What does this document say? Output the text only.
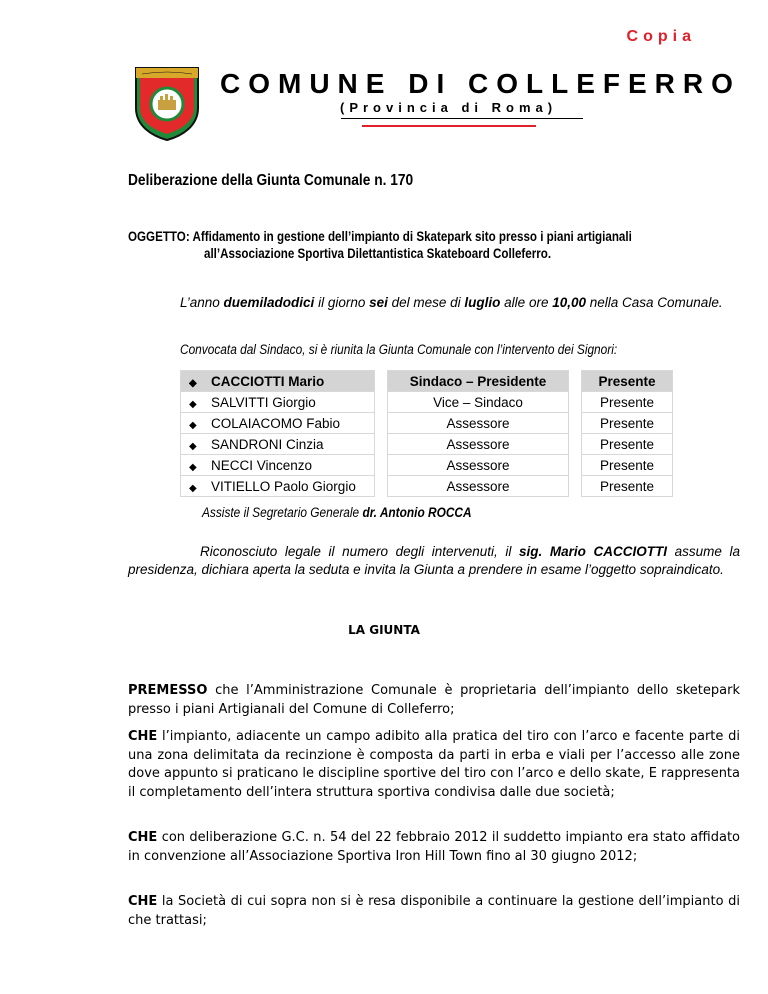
Copia
COMUNE DI COLLEFERRO
(Provincia di Roma)
Deliberazione della Giunta Comunale n. 170
OGGETTO: Affidamento in gestione dell’impianto di Skatepark sito presso i piani artigianali
all’Associazione Sportiva Dilettantistica Skateboard Colleferro.
L’anno duemiladodici il giorno sei del mese di luglio alle ore 10,00 nella Casa Comunale.
Convocata dal Sindaco, si è riunita la Giunta Comunale con l’intervento dei Signori:
◆ CACCIOTTI Mario		Sindaco – Presidente		Presente
◆ SALVITTI Giorgio		Vice – Sindaco		Presente
◆ COLAIACOMO Fabio		Assessore		Presente
◆ SANDRONI Cinzia		Assessore		Presente
◆ NECCI Vincenzo		Assessore		Presente
◆ VITIELLO Paolo Giorgio		Assessore		Presente
Assiste il Segretario Generale dr. Antonio ROCCA
Riconosciuto legale il numero degli intervenuti, il sig. Mario CACCIOTTI assume la presidenza, dichiara aperta la seduta e invita la Giunta a prendere in esame l’oggetto sopraindicato.
LA GIUNTA
PREMESSO che l’Amministrazione Comunale è proprietaria dell’impianto dello sketepark presso i piani Artigianali del Comune di Colleferro;
CHE l’impianto, adiacente un campo adibito alla pratica del tiro con l’arco e facente parte di una zona delimitata da recinzione è composta da parti in erba e viali per l’accesso alle zone dove appunto si praticano le discipline sportive del tiro con l’arco e dello skate, E rappresenta il completamento dell’intera struttura sportiva condivisa dalle due società;
CHE con deliberazione G.C. n. 54 del 22 febbraio 2012 il suddetto impianto era stato affidato in convenzione all’Associazione Sportiva Iron Hill Town fino al 30 giugno 2012;
CHE la Società di cui sopra non si è resa disponibile a continuare la gestione dell’impianto di che trattasi;
